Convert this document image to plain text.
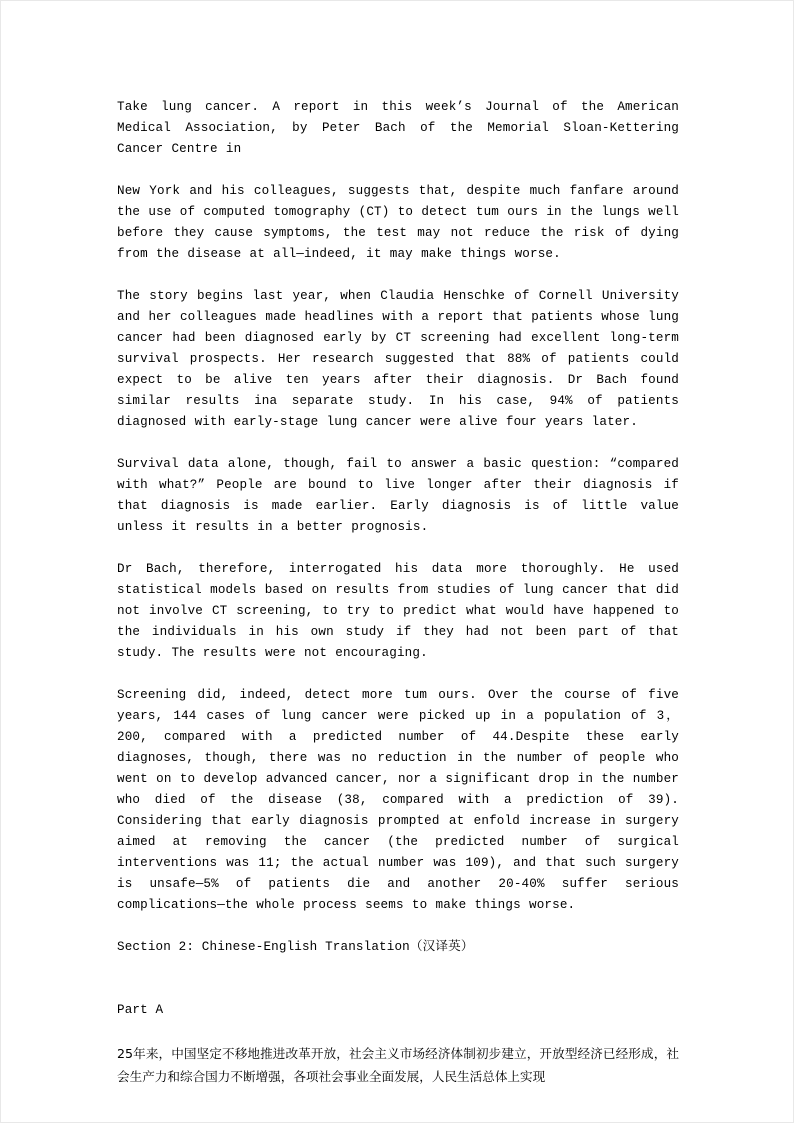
Take lung cancer. A report in this week’s Journal of the American Medical Association, by Peter Bach of the Memorial Sloan-Kettering Cancer Centre in

New York and his colleagues, suggests that, despite much fanfare around the use of computed tomography (CT) to detect tum ours in the lungs well before they cause symptoms, the test may not reduce the risk of dying from the disease at all—indeed, it may make things worse.

The story begins last year, when Claudia Henschke of Cornell University and her colleagues made headlines with a report that patients whose lung cancer had been diagnosed early by CT screening had excellent long-term survival prospects. Her research suggested that 88% of patients could expect to be alive ten years after their diagnosis. Dr Bach found similar results ina separate study. In his case, 94% of patients diagnosed with early-stage lung cancer were alive four years later.

Survival data alone, though, fail to answer a basic question: “compared with what?” People are bound to live longer after their diagnosis if that diagnosis is made earlier. Early diagnosis is of little value unless it results in a better prognosis.

Dr Bach, therefore, interrogated his data more thoroughly. He used statistical models based on results from studies of lung cancer that did not involve CT screening, to try to predict what would have happened to the individuals in his own study if they had not been part of that study. The results were not encouraging.

Screening did, indeed, detect more tum ours. Over the course of five years, 144 cases of lung cancer were picked up in a population of 3，200, compared with a predicted number of 44.Despite these early diagnoses, though, there was no reduction in the number of people who went on to develop advanced cancer, nor a significant drop in the number who died of the disease (38, compared with a prediction of 39). Considering that early diagnosis prompted at enfold increase in surgery aimed at removing the cancer (the predicted number of surgical interventions was 11; the actual number was 109), and that such surgery is unsafe—5% of patients die and another 20-40% suffer serious complications—the whole process seems to make things worse.

Section 2: Chinese-English Translation（汉译英）

Part A

25年来，中国坚定不移地推进改革开放，社会主义市场经济体制初步建立，开放型经济已经形成，社会生产力和综合国力不断增强，各项社会事业全面发展，人民生活总体上实现
